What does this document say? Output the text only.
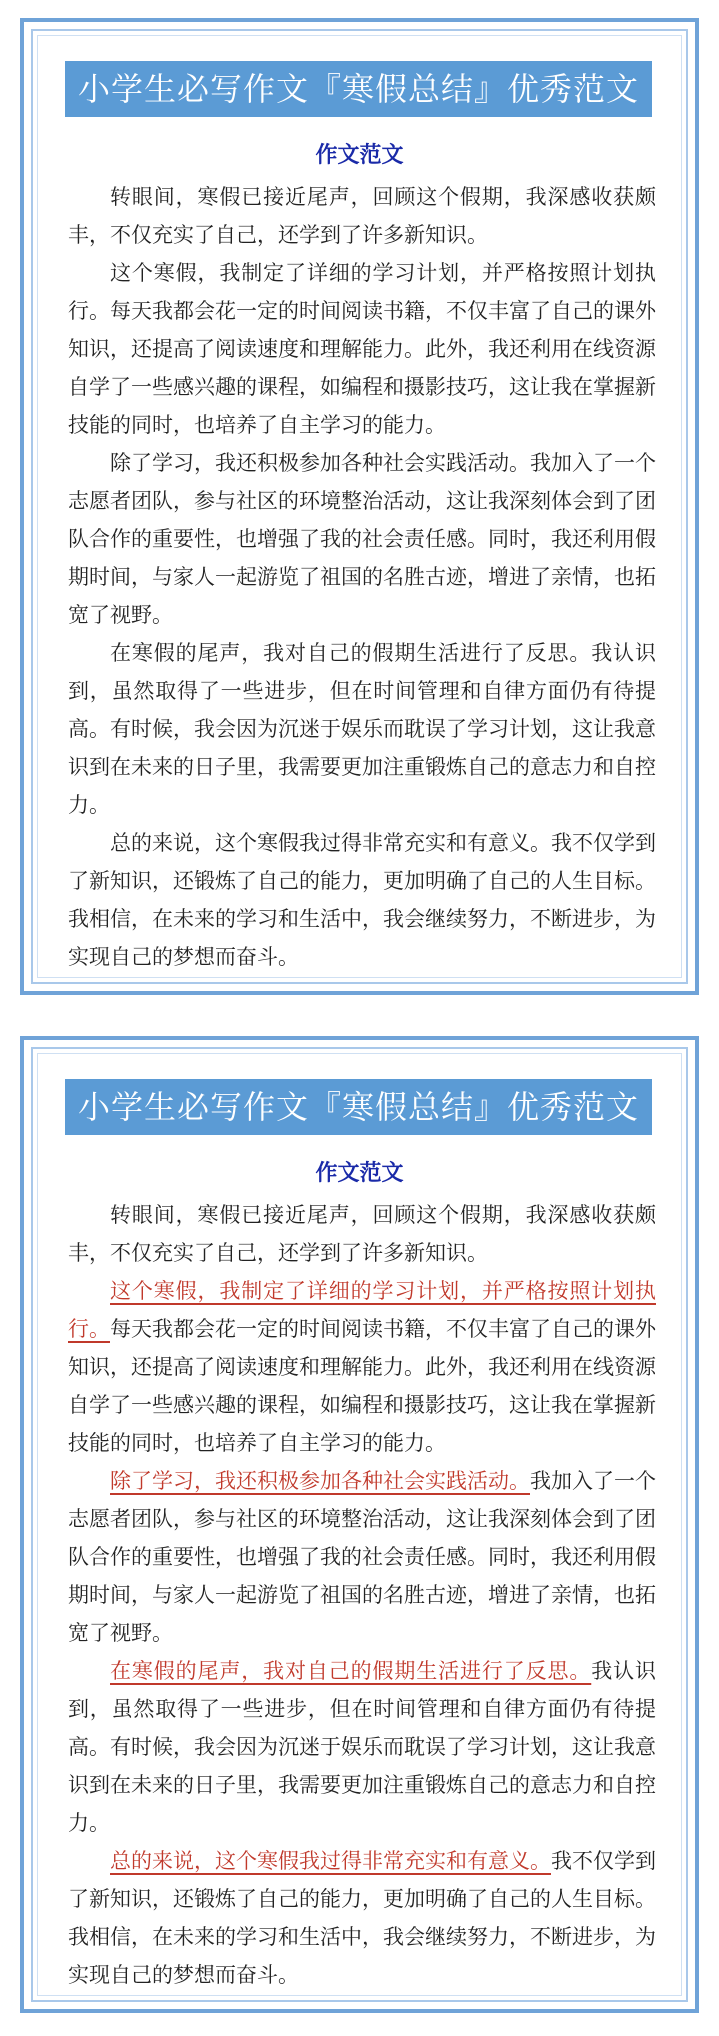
小学生必写作文『寒假总结』优秀范文
作文范文

转眼间，寒假已接近尾声，回顾这个假期，我深感收获颇丰，不仅充实了自己，还学到了许多新知识。

这个寒假，我制定了详细的学习计划，并严格按照计划执行。每天我都会花一定的时间阅读书籍，不仅丰富了自己的课外知识，还提高了阅读速度和理解能力。此外，我还利用在线资源自学了一些感兴趣的课程，如编程和摄影技巧，这让我在掌握新技能的同时，也培养了自主学习的能力。

除了学习，我还积极参加各种社会实践活动。我加入了一个志愿者团队，参与社区的环境整治活动，这让我深刻体会到了团队合作的重要性，也增强了我的社会责任感。同时，我还利用假期时间，与家人一起游览了祖国的名胜古迹，增进了亲情，也拓宽了视野。

在寒假的尾声，我对自己的假期生活进行了反思。我认识到，虽然取得了一些进步，但在时间管理和自律方面仍有待提高。有时候，我会因为沉迷于娱乐而耽误了学习计划，这让我意识到在未来的日子里，我需要更加注重锻炼自己的意志力和自控力。

总的来说，这个寒假我过得非常充实和有意义。我不仅学到了新知识，还锻炼了自己的能力，更加明确了自己的人生目标。我相信，在未来的学习和生活中，我会继续努力，不断进步，为实现自己的梦想而奋斗。

小学生必写作文『寒假总结』优秀范文
作文范文

转眼间，寒假已接近尾声，回顾这个假期，我深感收获颇丰，不仅充实了自己，还学到了许多新知识。

这个寒假，我制定了详细的学习计划，并严格按照计划执行。每天我都会花一定的时间阅读书籍，不仅丰富了自己的课外知识，还提高了阅读速度和理解能力。此外，我还利用在线资源自学了一些感兴趣的课程，如编程和摄影技巧，这让我在掌握新技能的同时，也培养了自主学习的能力。

除了学习，我还积极参加各种社会实践活动。我加入了一个志愿者团队，参与社区的环境整治活动，这让我深刻体会到了团队合作的重要性，也增强了我的社会责任感。同时，我还利用假期时间，与家人一起游览了祖国的名胜古迹，增进了亲情，也拓宽了视野。

在寒假的尾声，我对自己的假期生活进行了反思。我认识到，虽然取得了一些进步，但在时间管理和自律方面仍有待提高。有时候，我会因为沉迷于娱乐而耽误了学习计划，这让我意识到在未来的日子里，我需要更加注重锻炼自己的意志力和自控力。

总的来说，这个寒假我过得非常充实和有意义。我不仅学到了新知识，还锻炼了自己的能力，更加明确了自己的人生目标。我相信，在未来的学习和生活中，我会继续努力，不断进步，为实现自己的梦想而奋斗。
